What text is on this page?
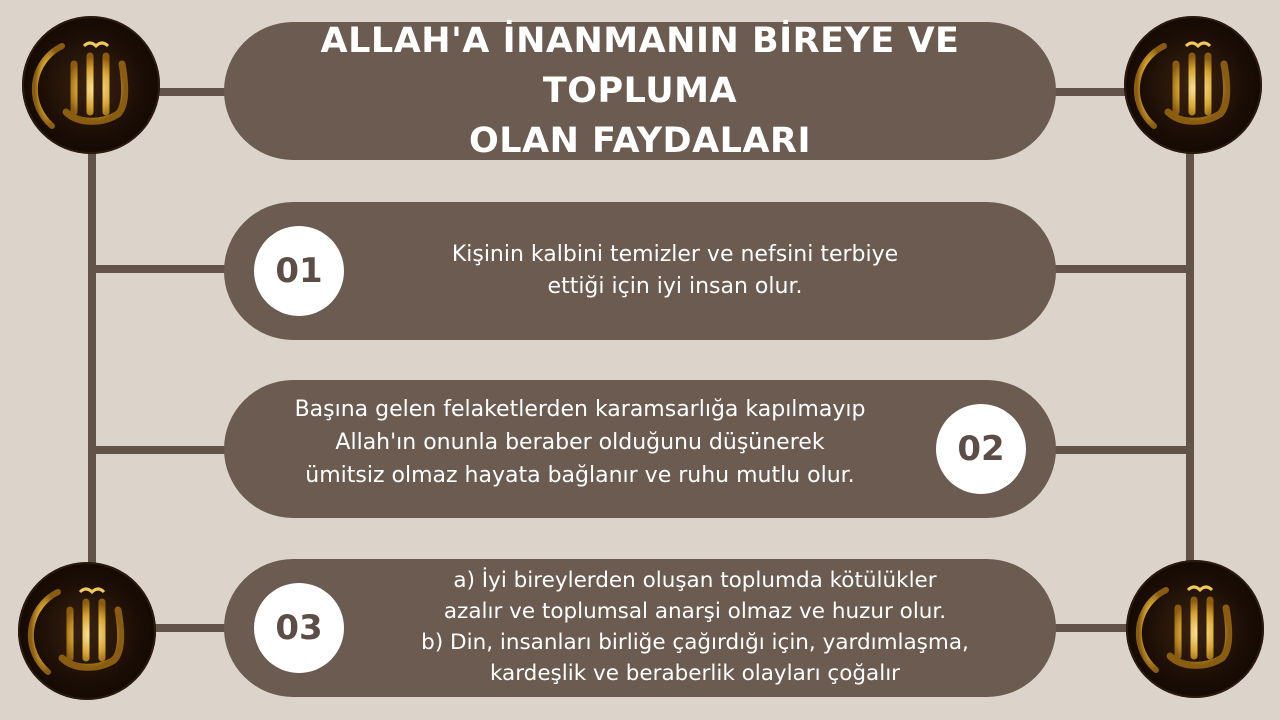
ALLAH'A İNANMANIN BİREYE VE TOPLUMA
OLAN FAYDALARI
01	Kişinin kalbini temizler ve nefsini terbiye
ettiği için iyi insan olur.
Başına gelen felaketlerden karamsarlığa kapılmayıp
Allah'ın onunla beraber olduğunu düşünerek
ümitsiz olmaz hayata bağlanır ve ruhu mutlu olur.
02
03
a) İyi bireylerden oluşan toplumda kötülükler
azalır ve toplumsal anarşi olmaz ve huzur olur.
b) Din, insanları birliğe çağırdığı için, yardımlaşma,
kardeşlik ve beraberlik olayları çoğalır
